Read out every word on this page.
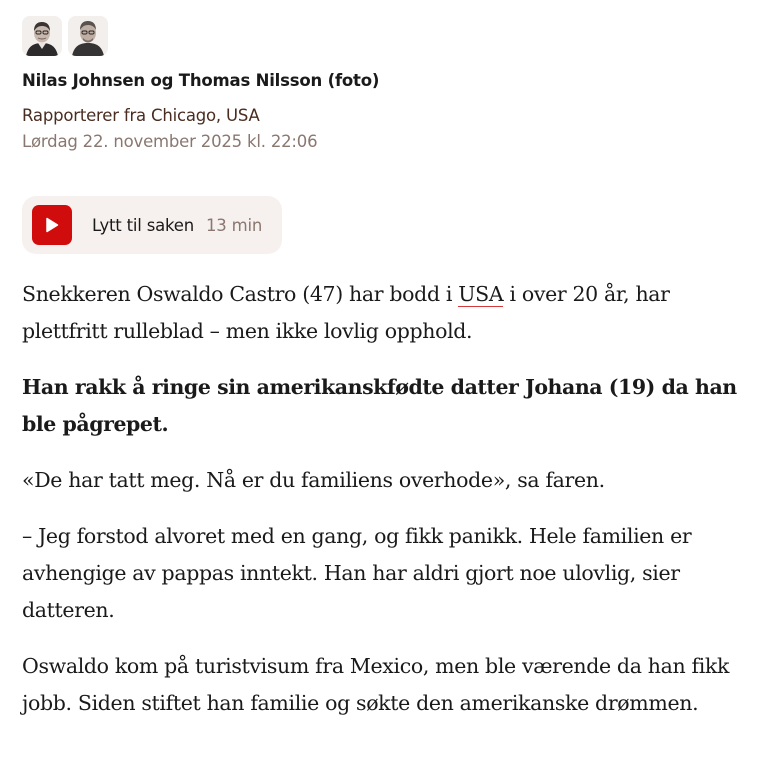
Nilas Johnsen og Thomas Nilsson (foto)
Rapporterer fra Chicago, USA
Lørdag 22. november 2025 kl. 22:06
Lytt til saken 13 min

Snekkeren Oswaldo Castro (47) har bodd i USA i over 20 år, har plettfritt rulleblad – men ikke lovlig opphold.

Han rakk å ringe sin amerikanskfødte datter Johana (19) da han ble pågrepet.

«De har tatt meg. Nå er du familiens overhode», sa faren.

– Jeg forstod alvoret med en gang, og fikk panikk. Hele familien er avhengige av pappas inntekt. Han har aldri gjort noe ulovlig, sier datteren.

Oswaldo kom på turistvisum fra Mexico, men ble værende da han fikk jobb. Siden stiftet han familie og søkte den amerikanske drømmen.
